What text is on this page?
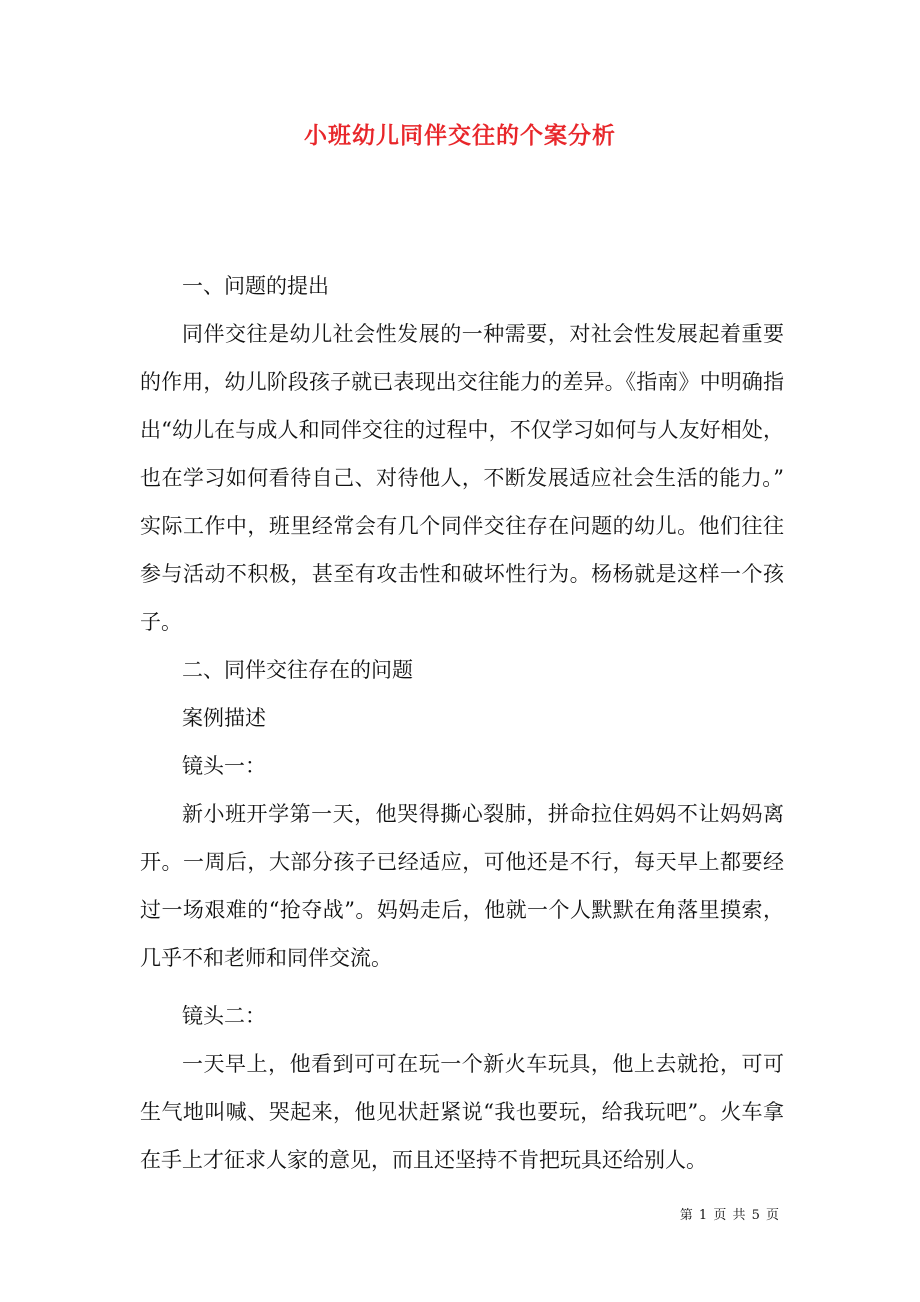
小班幼儿同伴交往的个案分析

一、问题的提出

同伴交往是幼儿社会性发展的一种需要，对社会性发展起着重要的作用，幼儿阶段孩子就已表现出交往能力的差异。《指南》中明确指出“幼儿在与成人和同伴交往的过程中，不仅学习如何与人友好相处，也在学习如何看待自己、对待他人，不断发展适应社会生活的能力。”　 实际工作中，班里经常会有几个同伴交往存在问题的幼儿。他们往往参与活动不积极，甚至有攻击性和破坏性行为。杨杨就是这样一个孩子。

二、同伴交往存在的问题

案例描述

镜头一：

新小班开学第一天，他哭得撕心裂肺，拼命拉住妈妈不让妈妈离开。一周后，大部分孩子已经适应，可他还是不行，每天早上都要经过一场艰难的“抢夺战”。妈妈走后，他就一个人默默在角落里摸索，几乎不和老师和同伴交流。

镜头二：

一天早上，他看到可可在玩一个新火车玩具，他上去就抢，可可生气地叫喊、哭起来，他见状赶紧说“我也要玩，给我玩吧”。火车拿在手上才征求人家的意见，而且还坚持不肯把玩具还给别人。

第 1 页 共 5 页
